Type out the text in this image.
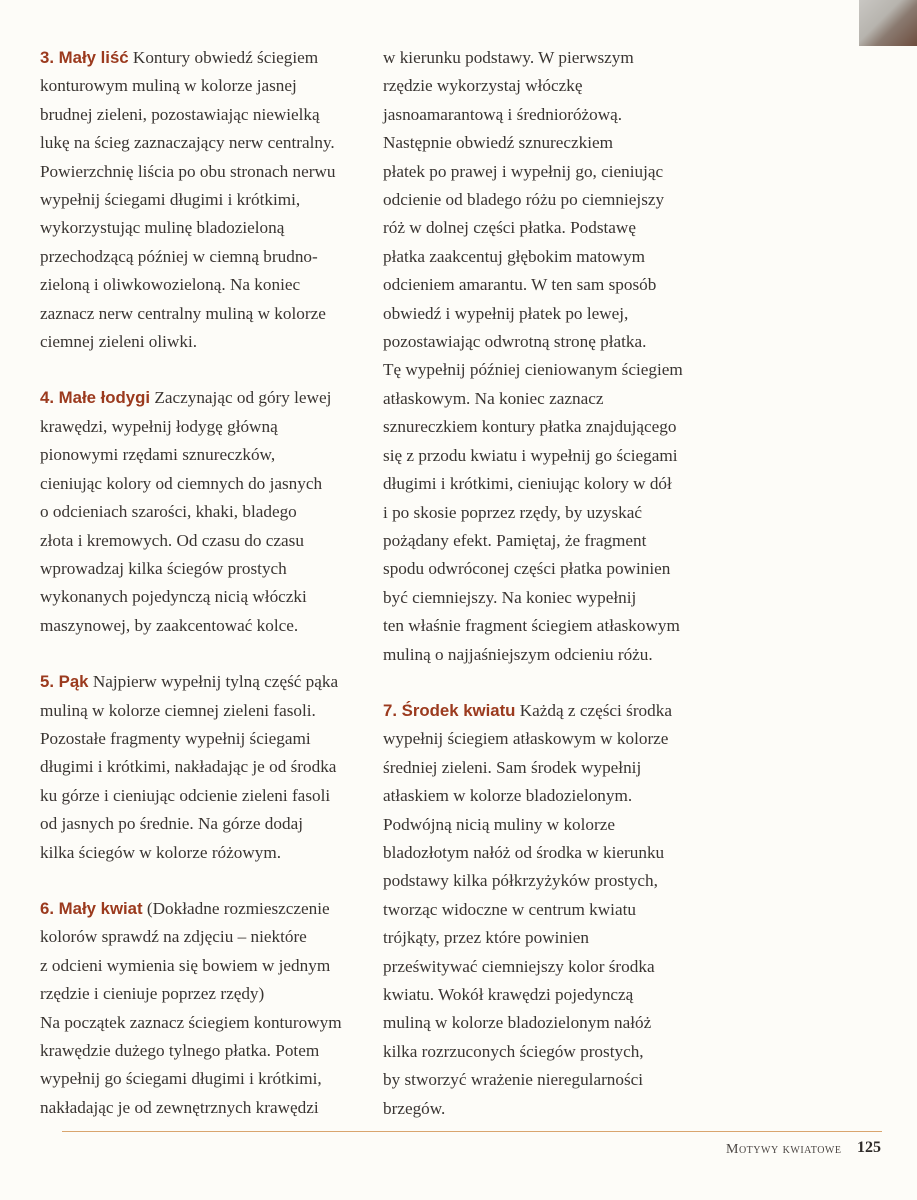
3. Mały liść Kontury obwiedź ściegiem
konturowym muliną w kolorze jasnej
brudnej zieleni, pozostawiając niewielką
lukę na ścieg zaznaczający nerw centralny.
Powierzchnię liścia po obu stronach nerwu
wypełnij ściegami długimi i krótkimi,
wykorzystując mulinę bladozieloną
przechodzącą później w ciemną brudno-
zieloną i oliwkowozieloną. Na koniec
zaznacz nerw centralny muliną w kolorze
ciemnej zieleni oliwki.
4. Małe łodygi Zaczynając od góry lewej
krawędzi, wypełnij łodygę główną
pionowymi rzędami sznureczków,
cieniując kolory od ciemnych do jasnych
o odcieniach szarości, khaki, bladego
złota i kremowych. Od czasu do czasu
wprowadzaj kilka ściegów prostych
wykonanych pojedynczą nicią włóczki
maszynowej, by zaakcentować kolce.
5. Pąk Najpierw wypełnij tylną część pąka
muliną w kolorze ciemnej zieleni fasoli.
Pozostałe fragmenty wypełnij ściegami
długimi i krótkimi, nakładając je od środka
ku górze i cieniując odcienie zieleni fasoli
od jasnych po średnie. Na górze dodaj
kilka ściegów w kolorze różowym.
6. Mały kwiat (Dokładne rozmieszczenie
kolorów sprawdź na zdjęciu – niektóre
z odcieni wymienia się bowiem w jednym
rzędzie i cieniuje poprzez rzędy)
Na początek zaznacz ściegiem konturowym
krawędzie dużego tylnego płatka. Potem
wypełnij go ściegami długimi i krótkimi,
nakładając je od zewnętrznych krawędzi
w kierunku podstawy. W pierwszym
rzędzie wykorzystaj włóczkę
jasnoamarantową i średnioróżową.
Następnie obwiedź sznureczkiem
płatek po prawej i wypełnij go, cieniując
odcienie od bladego różu po ciemniejszy
róż w dolnej części płatka. Podstawę
płatka zaakcentuj głębokim matowym
odcieniem amarantu. W ten sam sposób
obwiedź i wypełnij płatek po lewej,
pozostawiając odwrotną stronę płatka.
Tę wypełnij później cieniowanym ściegiem
atłaskowym. Na koniec zaznacz
sznureczkiem kontury płatka znajdującego
się z przodu kwiatu i wypełnij go ściegami
długimi i krótkimi, cieniując kolory w dół
i po skosie poprzez rzędy, by uzyskać
pożądany efekt. Pamiętaj, że fragment
spodu odwróconej części płatka powinien
być ciemniejszy. Na koniec wypełnij
ten właśnie fragment ściegiem atłaskowym
muliną o najjaśniejszym odcieniu różu.
7. Środek kwiatu Każdą z części środka
wypełnij ściegiem atłaskowym w kolorze
średniej zieleni. Sam środek wypełnij
atłaskiem w kolorze bladozielonym.
Podwójną nicią muliny w kolorze
bladozłotym nałóż od środka w kierunku
podstawy kilka półkrzyżyków prostych,
tworząc widoczne w centrum kwiatu
trójkąty, przez które powinien
prześwitywać ciemniejszy kolor środka
kwiatu. Wokół krawędzi pojedynczą
muliną w kolorze bladozielonym nałóż
kilka rozrzuconych ściegów prostych,
by stworzyć wrażenie nieregularności
brzegów.
Motywy kwiatowe 125
